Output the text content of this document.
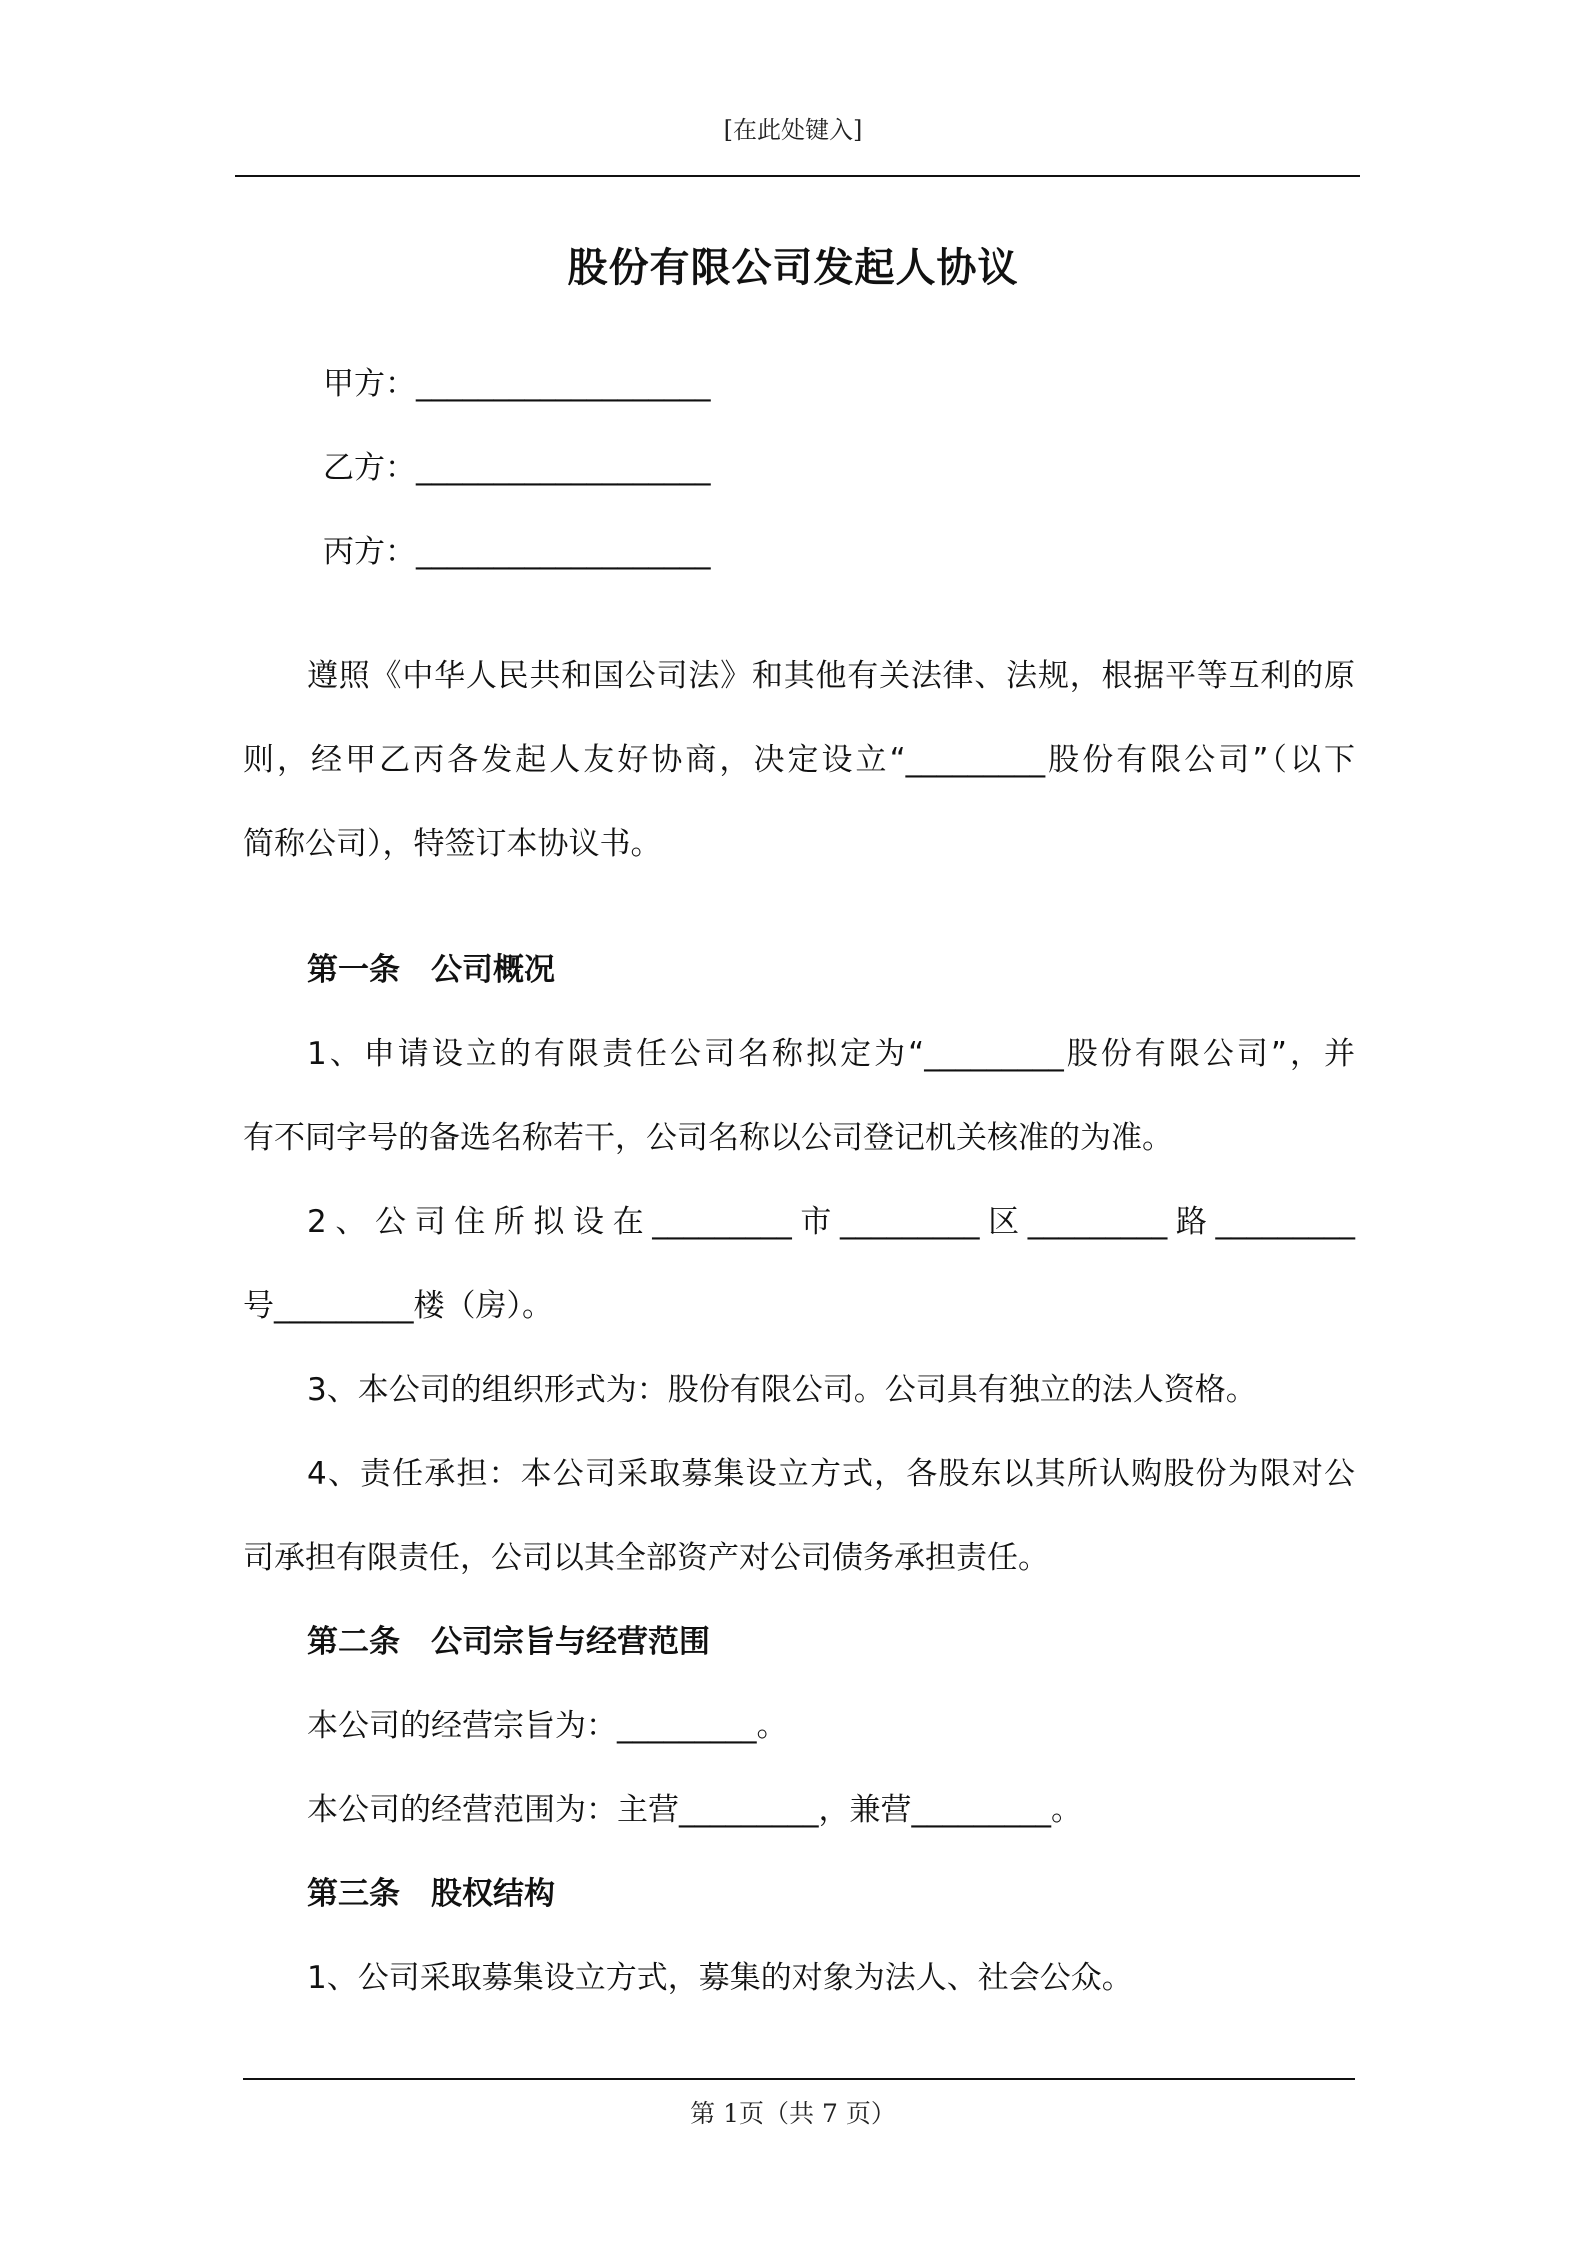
[在此处键入]
股份有限公司发起人协议
甲方：___________________
乙方：___________________
丙方：___________________
遵照《中华人民共和国公司法》和其他有关法律、法规，根据平等互利的原
则，经甲乙丙各发起人友好协商，决定设立“_________股份有限公司”（以下
简称公司），特签订本协议书。
第一条　公司概况
1、申请设立的有限责任公司名称拟定为“_________股份有限公司”，并
有不同字号的备选名称若干，公司名称以公司登记机关核准的为准。
2、公司住所拟设在_________市_________区_________路_________
号_________楼（房）。
3、本公司的组织形式为：股份有限公司。公司具有独立的法人资格。
4、责任承担：本公司采取募集设立方式，各股东以其所认购股份为限对公
司承担有限责任，公司以其全部资产对公司债务承担责任。
第二条　公司宗旨与经营范围
本公司的经营宗旨为：_________。
本公司的经营范围为：主营_________，兼营_________。
第三条　股权结构
1、公司采取募集设立方式，募集的对象为法人、社会公众。
第 1页（共 7 页）
